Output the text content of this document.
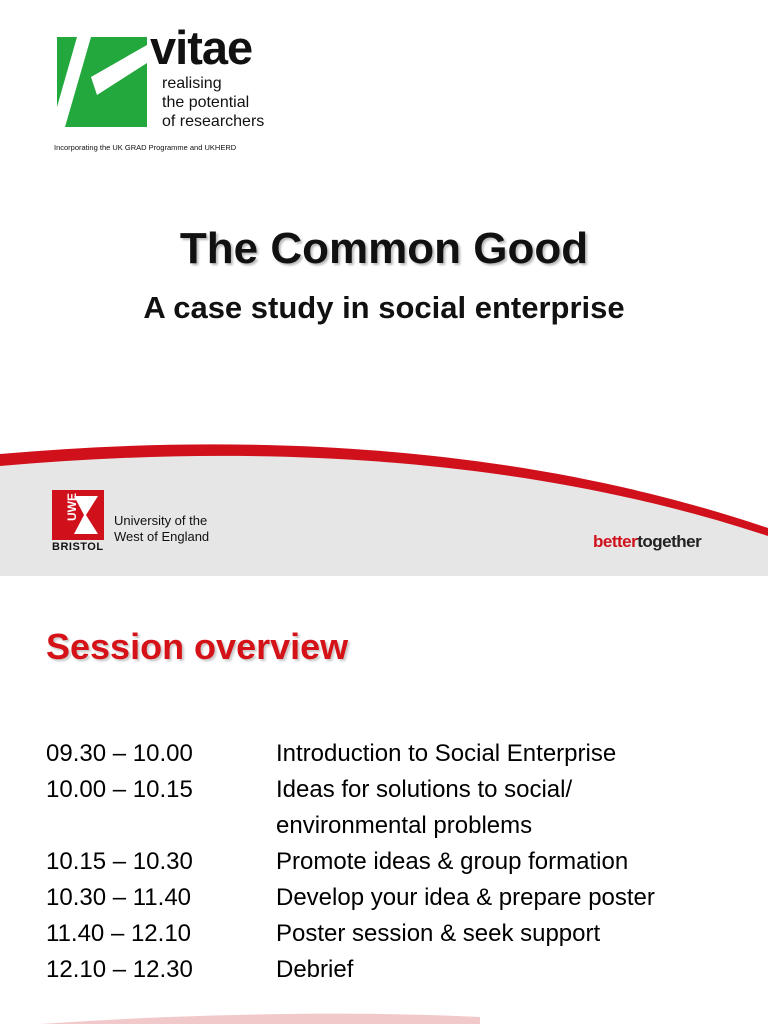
vitae
realising
the potential
of researchers
Incorporating the UK GRAD Programme and UKHERD
The Common Good
A case study in social enterprise
UWE
BRISTOL
University of the
West of England	bettertogether
Session overview
09.30 – 10.00	Introduction to Social Enterprise
10.00 – 10.15	Ideas for solutions to social/
environmental problems
10.15 – 10.30	Promote ideas & group formation
10.30 – 11.40	Develop your idea & prepare poster
11.40 – 12.10	Poster session & seek support
12.10 – 12.30	Debrief
